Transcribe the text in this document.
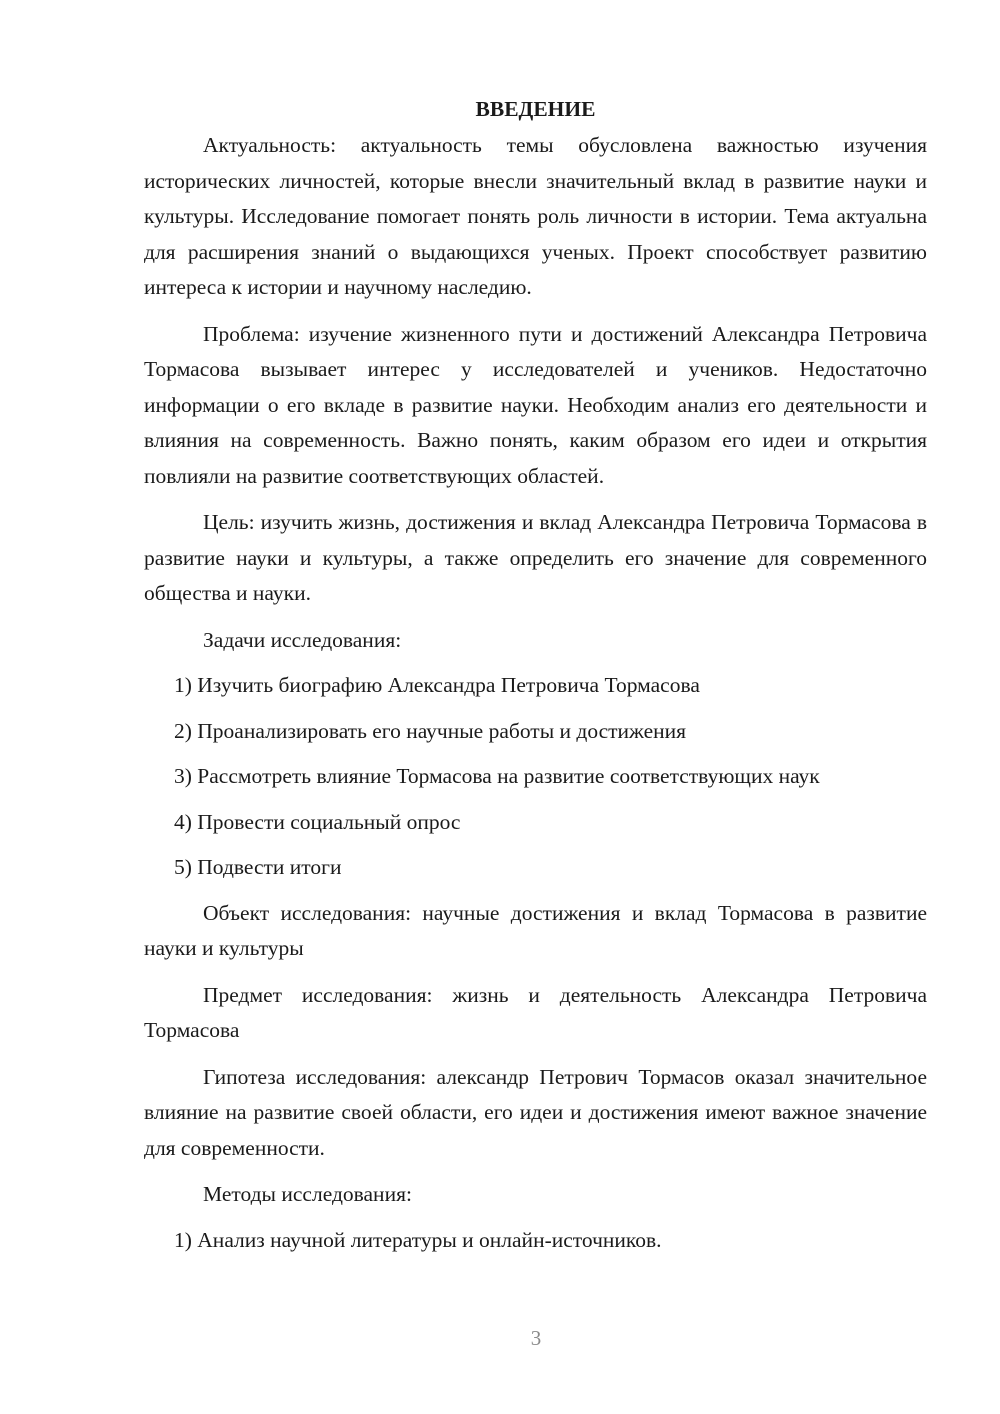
ВВЕДЕНИЕ

Актуальность: актуальность темы обусловлена важностью изучения исторических личностей, которые внесли значительный вклад в развитие науки и культуры. Исследование помогает понять роль личности в истории. Тема актуальна для расширения знаний о выдающихся ученых. Проект способствует развитию интереса к истории и научному наследию.

Проблема: изучение жизненного пути и достижений Александра Петровича Тормасова вызывает интерес у исследователей и учеников. Недостаточно информации о его вкладе в развитие науки. Необходим анализ его деятельности и влияния на современность. Важно понять, каким образом его идеи и открытия повлияли на развитие соответствующих областей.

Цель: изучить жизнь, достижения и вклад Александра Петровича Тормасова в развитие науки и культуры, а также определить его значение для современного общества и науки.

Задачи исследования:

1) Изучить биографию Александра Петровича Тормасова

2) Проанализировать его научные работы и достижения

3) Рассмотреть влияние Тормасова на развитие соответствующих наук

4) Провести социальный опрос

5) Подвести итоги

Объект исследования: научные достижения и вклад Тормасова в развитие науки и культуры

Предмет исследования: жизнь и деятельность Александра Петровича Тормасова

Гипотеза исследования: александр Петрович Тормасов оказал значительное влияние на развитие своей области, его идеи и достижения имеют важное значение для современности.

Методы исследования:

1) Анализ научной литературы и онлайн-источников.

3
